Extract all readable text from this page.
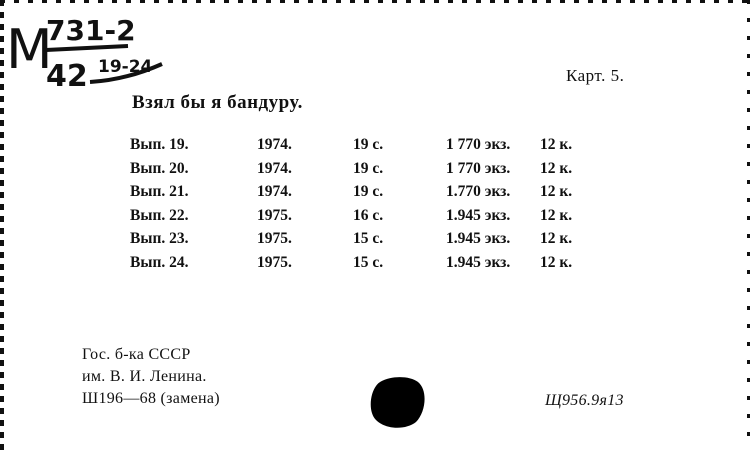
М
731-2
42 19-24	Карт. 5.
Взял бы я бандуру.
Вып. 19.	1974.	19 с.	1 770 экз. 12 к.
Вып. 20.	1974.	19 с.	1 770 экз. 12 к.
Вып. 21.	1974.	19 с.	1.770 экз. 12 к.
Вып. 22.	1975.	16 с.	1.945 экз. 12 к.
Вып. 23.	1975.	15 с.	1.945 экз. 12 к.
Вып. 24.	1975.	15 с.	1.945 экз. 12 к.
Гос. б-ка СССР
им. В. И. Ленина.
Ш196—68 (замена)	Щ956.9я13
